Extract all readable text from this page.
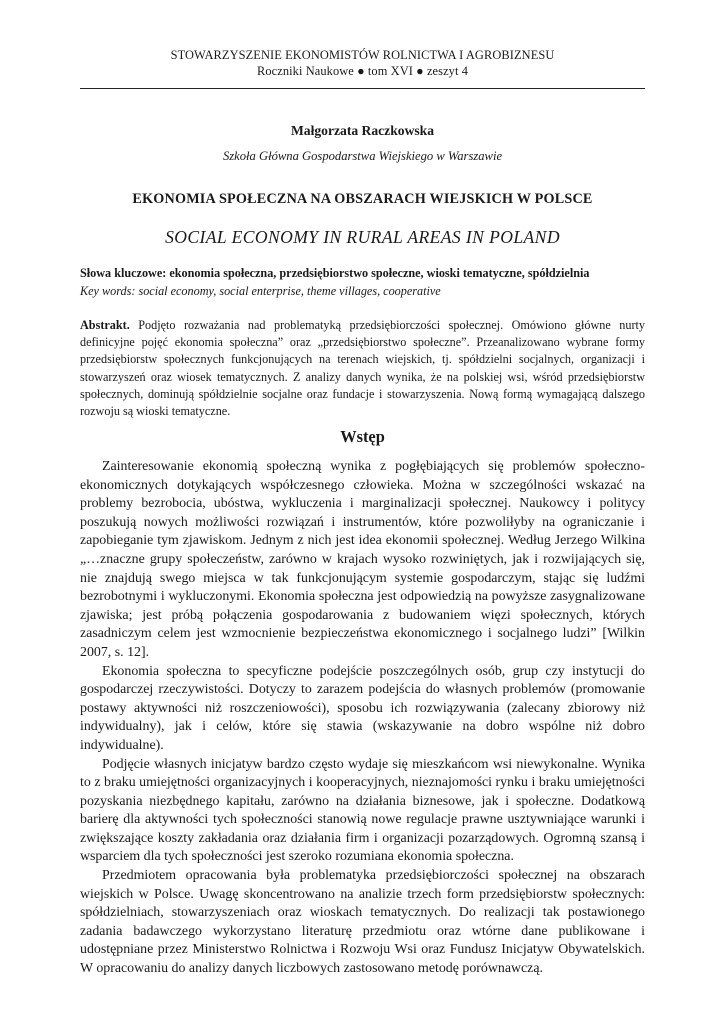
STOWARZYSZENIE EKONOMISTÓW ROLNICTWA I AGROBIZNESU
Roczniki Naukowe ● tom XVI ● zeszyt 4
Małgorzata Raczkowska
Szkoła Główna Gospodarstwa Wiejskiego w Warszawie
EKONOMIA SPOŁECZNA NA OBSZARACH WIEJSKICH W POLSCE
SOCIAL ECONOMY IN RURAL AREAS IN POLAND
Słowa kluczowe: ekonomia społeczna, przedsiębiorstwo społeczne, wioski tematyczne, spółdzielnia
Key words: social economy, social enterprise, theme villages, cooperative
Abstrakt. Podjęto rozważania nad problematyką przedsiębiorczości społecznej. Omówiono główne nurty definicyjne pojęć ekonomia społeczna” oraz „przedsiębiorstwo społeczne”. Przeanalizowano wybrane formy przedsiębiorstw społecznych funkcjonujących na terenach wiejskich, tj. spółdzielni socjalnych, organizacji i stowarzyszeń oraz wiosek tematycznych. Z analizy danych wynika, że na polskiej wsi, wśród przedsiębiorstw społecznych, dominują spółdzielnie socjalne oraz fundacje i stowarzyszenia. Nową formą wymagającą dalszego rozwoju są wioski tematyczne.
Wstęp

Zainteresowanie ekonomią społeczną wynika z pogłębiających się problemów społeczno-ekonomicznych dotykających współczesnego człowieka. Można w szczególności wskazać na problemy bezrobocia, ubóstwa, wykluczenia i marginalizacji społecznej. Naukowcy i politycy poszukują nowych możliwości rozwiązań i instrumentów, które pozwoliłyby na ograniczanie i zapobieganie tym zjawiskom. Jednym z nich jest idea ekonomii społecznej. Według Jerzego Wilkina „…znaczne grupy społeczeństw, zarówno w krajach wysoko rozwiniętych, jak i rozwijających się, nie znajdują swego miejsca w tak funkcjonującym systemie gospodarczym, stając się ludźmi bezrobotnymi i wykluczonymi. Ekonomia społeczna jest odpowiedzią na powyższe zasygnalizowane zjawiska; jest próbą połączenia gospodarowania z budowaniem więzi społecznych, których zasadniczym celem jest wzmocnienie bezpieczeństwa ekonomicznego i socjalnego ludzi” [Wilkin 2007, s. 12].

Ekonomia społeczna to specyficzne podejście poszczególnych osób, grup czy instytucji do gospodarczej rzeczywistości. Dotyczy to zarazem podejścia do własnych problemów (promowanie postawy aktywności niż roszczeniowości), sposobu ich rozwiązywania (zalecany zbiorowy niż indywidualny), jak i celów, które się stawia (wskazywanie na dobro wspólne niż dobro indywidualne).

Podjęcie własnych inicjatyw bardzo często wydaje się mieszkańcom wsi niewykonalne. Wynika to z braku umiejętności organizacyjnych i kooperacyjnych, nieznajomości rynku i braku umiejętności pozyskania niezbędnego kapitału, zarówno na działania biznesowe, jak i społeczne. Dodatkową barierę dla aktywności tych społeczności stanowią nowe regulacje prawne usztywniające warunki i zwiększające koszty zakładania oraz działania firm i organizacji pozarządowych. Ogromną szansą i wsparciem dla tych społeczności jest szeroko rozumiana ekonomia społeczna.

Przedmiotem opracowania była problematyka przedsiębiorczości społecznej na obszarach wiejskich w Polsce. Uwagę skoncentrowano na analizie trzech form przedsiębiorstw społecznych: spółdzielniach, stowarzyszeniach oraz wioskach tematycznych. Do realizacji tak postawionego zadania badawczego wykorzystano literaturę przedmiotu oraz wtórne dane publikowane i udostępniane przez Ministerstwo Rolnictwa i Rozwoju Wsi oraz Fundusz Inicjatyw Obywatelskich. W opracowaniu do analizy danych liczbowych zastosowano metodę porównawczą.
